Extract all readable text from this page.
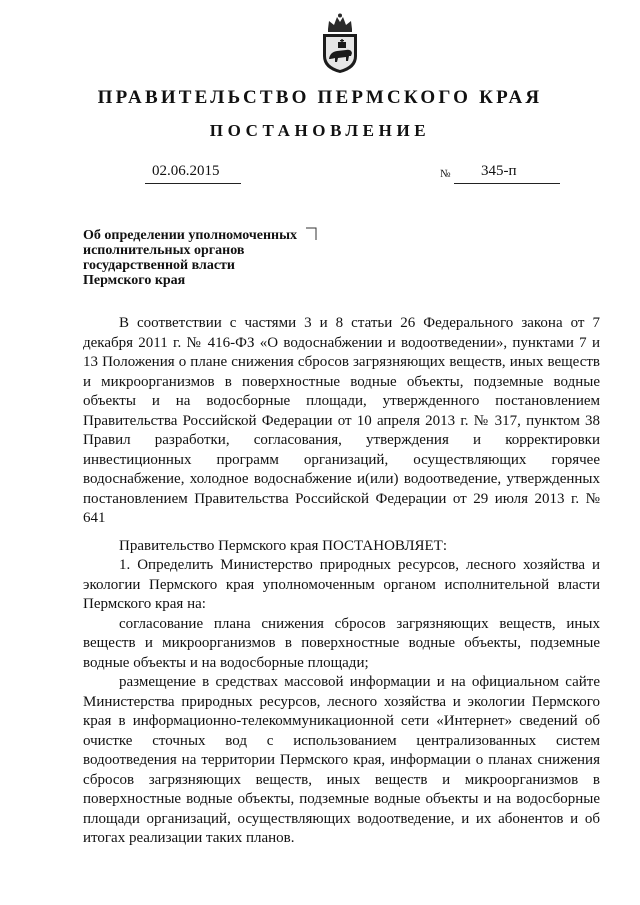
ПРАВИТЕЛЬСТВО ПЕРМСКОГО КРАЯ
ПОСТАНОВЛЕНИЕ
02.06.2015	№ 345-п
Об определении уполномоченных
исполнительных органов
государственной власти
Пермского края

В соответствии с частями 3 и 8 статьи 26 Федерального закона от 7 декабря 2011 г. № 416-ФЗ «О водоснабжении и водоотведении», пунктами 7 и 13 Положения о плане снижения сбросов загрязняющих веществ, иных веществ и микроорганизмов в поверхностные водные объекты, подземные водные объекты и на водосборные площади, утвержденного постановлением Правительства Российской Федерации от 10 апреля 2013 г. № 317, пунктом 38 Правил разработки, согласования, утверждения и корректировки инвестиционных программ организаций, осуществляющих горячее водоснабжение, холодное водоснабжение и(или) водоотведение, утвержденных постановлением Правительства Российской Федерации от 29 июля 2013 г. № 641

Правительство Пермского края ПОСТАНОВЛЯЕТ:

1. Определить Министерство природных ресурсов, лесного хозяйства и экологии Пермского края уполномоченным органом исполнительной власти Пермского края на:

согласование плана снижения сбросов загрязняющих веществ, иных веществ и микроорганизмов в поверхностные водные объекты, подземные водные объекты и на водосборные площади;

размещение в средствах массовой информации и на официальном сайте Министерства природных ресурсов, лесного хозяйства и экологии Пермского края в информационно-телекоммуникационной сети «Интернет» сведений об очистке сточных вод с использованием централизованных систем водоотведения на территории Пермского края, информации о планах снижения сбросов загрязняющих веществ, иных веществ и микроорганизмов в поверхностные водные объекты, подземные водные объекты и на водосборные площади организаций, осуществляющих водоотведение, и их абонентов и об итогах реализации таких планов.
